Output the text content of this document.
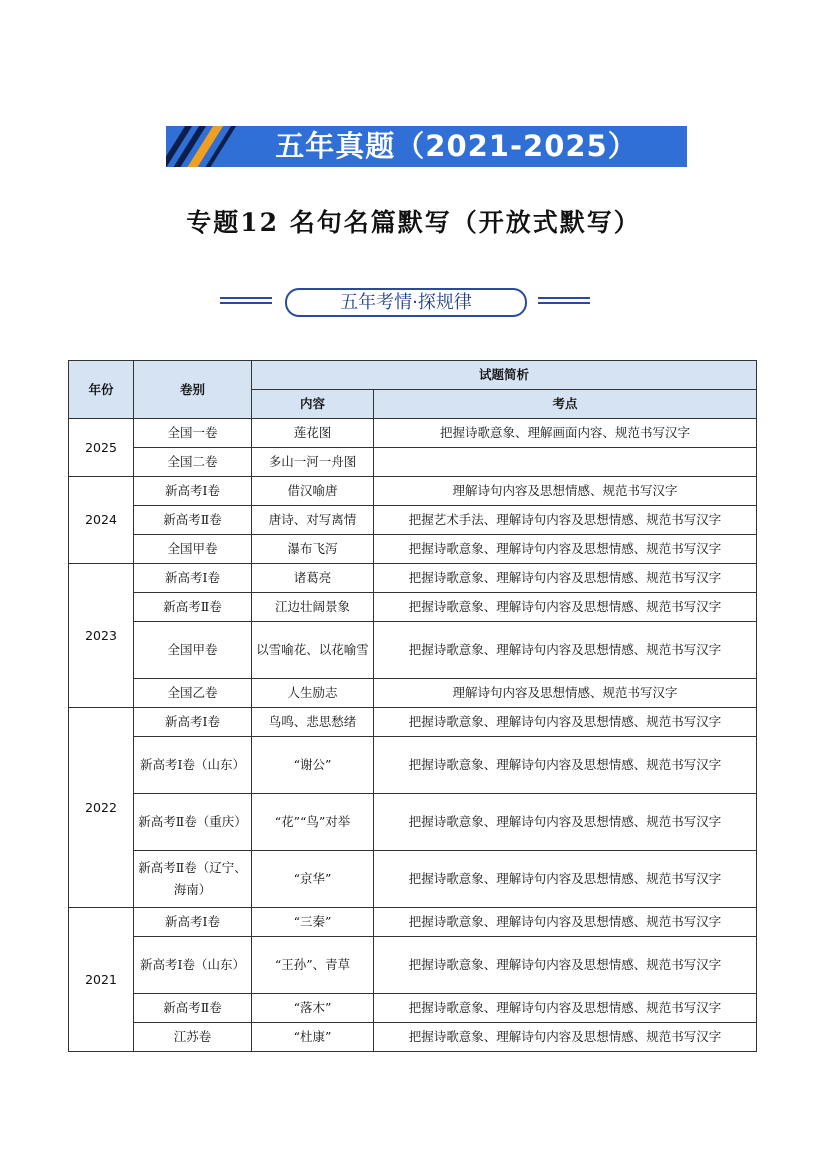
五年真题（2021-2025）
专题12 名句名篇默写（开放式默写）
五年考情·探规律
年份	卷别	试题简析	
		内容	考点
2025	全国一卷	莲花图	把握诗歌意象、理解画面内容、规范书写汉字
	全国二卷	多山一河一舟图	
2024	新高考Ⅰ卷	借汉喻唐	理解诗句内容及思想情感、规范书写汉字
	新高考Ⅱ卷	唐诗、对写离情	把握艺术手法、理解诗句内容及思想情感、规范书写汉字
	全国甲卷	瀑布飞泻	把握诗歌意象、理解诗句内容及思想情感、规范书写汉字
2023	新高考Ⅰ卷	诸葛亮	把握诗歌意象、理解诗句内容及思想情感、规范书写汉字
	新高考Ⅱ卷	江边壮阔景象	把握诗歌意象、理解诗句内容及思想情感、规范书写汉字
	全国甲卷	以雪喻花、以花喻雪	把握诗歌意象、理解诗句内容及思想情感、规范书写汉字
	全国乙卷	人生励志	理解诗句内容及思想情感、规范书写汉字
2022	新高考Ⅰ卷	鸟鸣、悲思愁绪	把握诗歌意象、理解诗句内容及思想情感、规范书写汉字
	新高考Ⅰ卷（山东）	“谢公”	把握诗歌意象、理解诗句内容及思想情感、规范书写汉字
	新高考Ⅱ卷（重庆）	“花”“鸟”对举	把握诗歌意象、理解诗句内容及思想情感、规范书写汉字
	新高考Ⅱ卷（辽宁、海南）	“京华”	把握诗歌意象、理解诗句内容及思想情感、规范书写汉字
2021	新高考Ⅰ卷	“三秦”	把握诗歌意象、理解诗句内容及思想情感、规范书写汉字
	新高考Ⅰ卷（山东）	“王孙”、青草	把握诗歌意象、理解诗句内容及思想情感、规范书写汉字
	新高考Ⅱ卷	“落木”	把握诗歌意象、理解诗句内容及思想情感、规范书写汉字
	江苏卷	“杜康”	把握诗歌意象、理解诗句内容及思想情感、规范书写汉字
